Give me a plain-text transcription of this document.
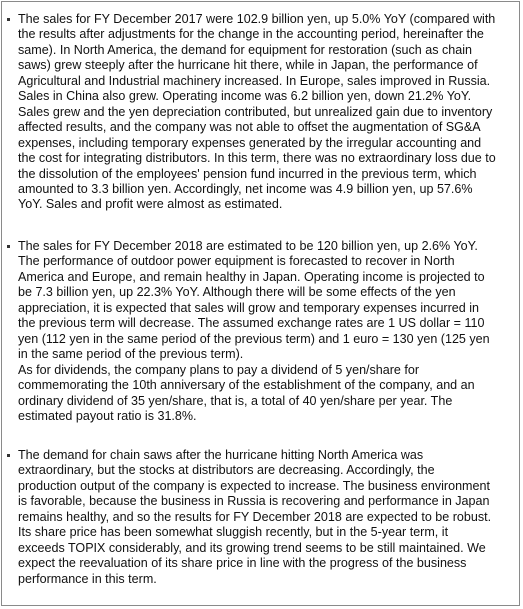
The sales for FY December 2017 were 102.9 billion yen, up 5.0% YoY (compared with
the results after adjustments for the change in the accounting period, hereinafter the
same). In North America, the demand for equipment for restoration (such as chain
saws) grew steeply after the hurricane hit there, while in Japan, the performance of
Agricultural and Industrial machinery increased. In Europe, sales improved in Russia.
Sales in China also grew. Operating income was 6.2 billion yen, down 21.2% YoY.
Sales grew and the yen depreciation contributed, but unrealized gain due to inventory
affected results, and the company was not able to offset the augmentation of SG&A
expenses, including temporary expenses generated by the irregular accounting and
the cost for integrating distributors. In this term, there was no extraordinary loss due to
the dissolution of the employees' pension fund incurred in the previous term, which
amounted to 3.3 billion yen. Accordingly, net income was 4.9 billion yen, up 57.6%
YoY. Sales and profit were almost as estimated.
The sales for FY December 2018 are estimated to be 120 billion yen, up 2.6% YoY.
The performance of outdoor power equipment is forecasted to recover in North
America and Europe, and remain healthy in Japan. Operating income is projected to
be 7.3 billion yen, up 22.3% YoY. Although there will be some effects of the yen
appreciation, it is expected that sales will grow and temporary expenses incurred in
the previous term will decrease. The assumed exchange rates are 1 US dollar = 110
yen (112 yen in the same period of the previous term) and 1 euro = 130 yen (125 yen
in the same period of the previous term).
As for dividends, the company plans to pay a dividend of 5 yen/share for
commemorating the 10th anniversary of the establishment of the company, and an
ordinary dividend of 35 yen/share, that is, a total of 40 yen/share per year. The
estimated payout ratio is 31.8%.
The demand for chain saws after the hurricane hitting North America was
extraordinary, but the stocks at distributors are decreasing. Accordingly, the
production output of the company is expected to increase. The business environment
is favorable, because the business in Russia is recovering and performance in Japan
remains healthy, and so the results for FY December 2018 are expected to be robust.
Its share price has been somewhat sluggish recently, but in the 5-year term, it
exceeds TOPIX considerably, and its growing trend seems to be still maintained. We
expect the reevaluation of its share price in line with the progress of the business
performance in this term.
